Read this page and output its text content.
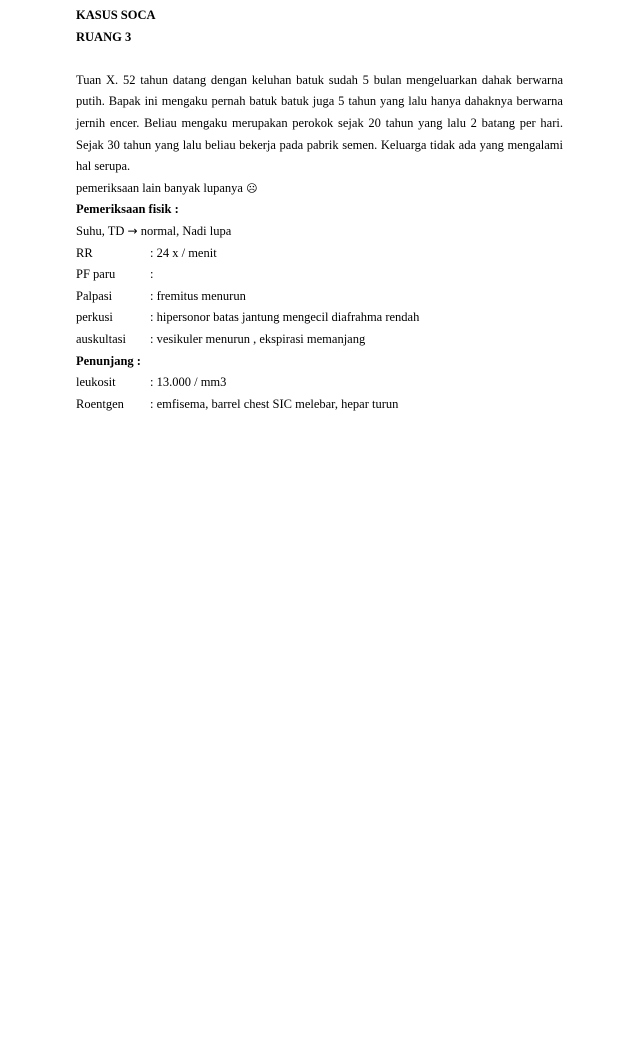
KASUS SOCA

RUANG 3

Tuan X. 52 tahun datang dengan keluhan batuk sudah 5 bulan mengeluarkan dahak berwarna putih. Bapak ini mengaku pernah batuk batuk juga 5 tahun yang lalu hanya dahaknya berwarna jernih encer. Beliau mengaku merupakan perokok sejak 20 tahun yang lalu 2 batang per hari. Sejak 30 tahun yang lalu beliau bekerja pada pabrik semen. Keluarga tidak ada yang mengalami hal serupa.

pemeriksaan lain banyak lupanya ☹

Pemeriksaan fisik :

Suhu, TD → normal, Nadi lupa

RR	: 24 x / menit
PF paru	:
Palpasi	: fremitus menurun
perkusi	: hipersonor batas jantung mengecil diafrahma rendah
auskultasi	: vesikuler menurun , ekspirasi memanjang

Penunjang :

leukosit	: 13.000 / mm3
Roentgen	: emfisema, barrel chest SIC melebar, hepar turun
